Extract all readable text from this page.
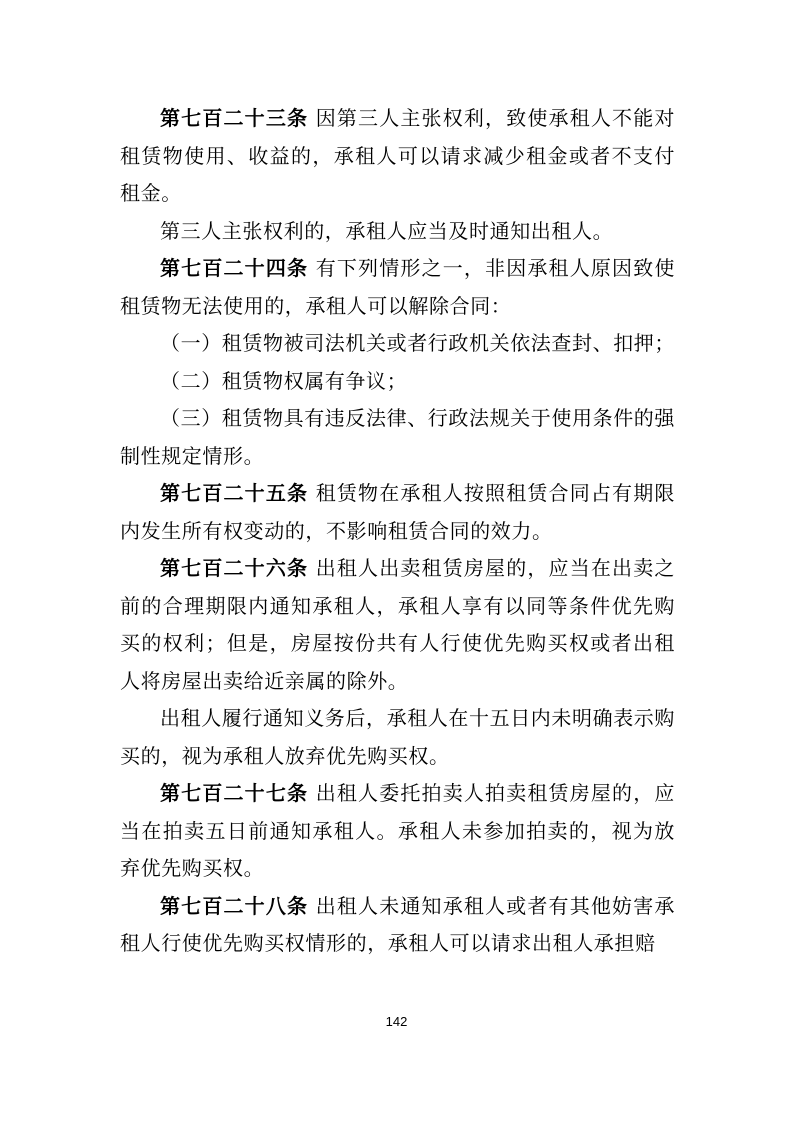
第七百二十三条 因第三人主张权利，致使承租人不能对租赁物使用、收益的，承租人可以请求减少租金或者不支付租金。

第三人主张权利的，承租人应当及时通知出租人。

第七百二十四条 有下列情形之一，非因承租人原因致使租赁物无法使用的，承租人可以解除合同：

（一）租赁物被司法机关或者行政机关依法查封、扣押；

（二）租赁物权属有争议；

（三）租赁物具有违反法律、行政法规关于使用条件的强制性规定情形。

第七百二十五条 租赁物在承租人按照租赁合同占有期限内发生所有权变动的，不影响租赁合同的效力。

第七百二十六条 出租人出卖租赁房屋的，应当在出卖之前的合理期限内通知承租人，承租人享有以同等条件优先购买的权利；但是，房屋按份共有人行使优先购买权或者出租人将房屋出卖给近亲属的除外。

出租人履行通知义务后，承租人在十五日内未明确表示购买的，视为承租人放弃优先购买权。

第七百二十七条 出租人委托拍卖人拍卖租赁房屋的，应当在拍卖五日前通知承租人。承租人未参加拍卖的，视为放弃优先购买权。

第七百二十八条 出租人未通知承租人或者有其他妨害承租人行使优先购买权情形的，承租人可以请求出租人承担赔

142
